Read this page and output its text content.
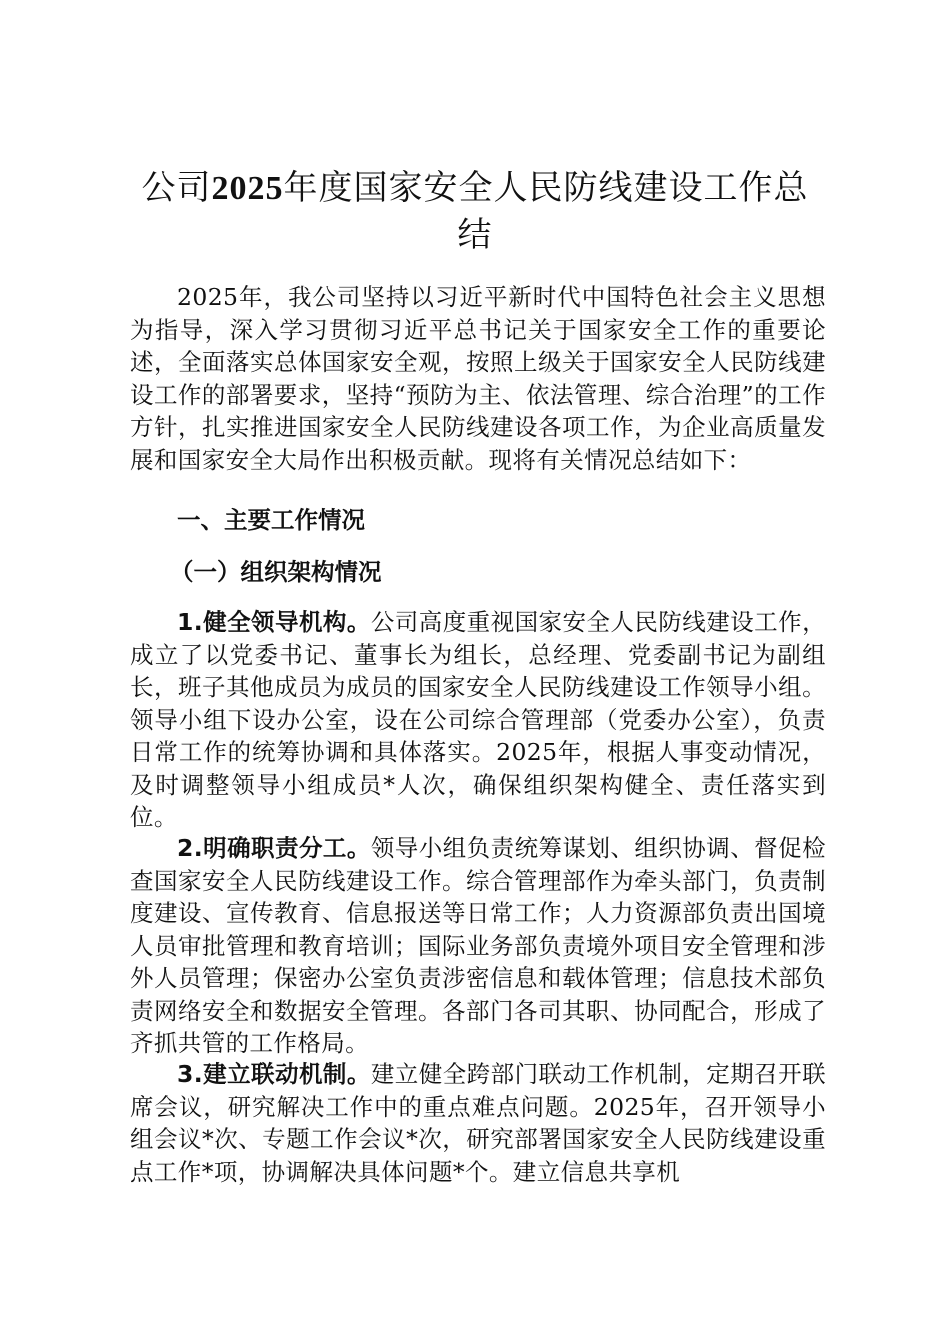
公司2025年度国家安全人民防线建设工作总结
2025年，我公司坚持以习近平新时代中国特色社会主义思想为指导，深入学习贯彻习近平总书记关于国家安全工作的重要论述，全面落实总体国家安全观，按照上级关于国家安全人民防线建设工作的部署要求，坚持“预防为主、依法管理、综合治理”的工作方针，扎实推进国家安全人民防线建设各项工作，为企业高质量发展和国家安全大局作出积极贡献。现将有关情况总结如下：
一、主要工作情况
（一）组织架构情况
1.健全领导机构。公司高度重视国家安全人民防线建设工作，成立了以党委书记、董事长为组长，总经理、党委副书记为副组长，班子其他成员为成员的国家安全人民防线建设工作领导小组。领导小组下设办公室，设在公司综合管理部（党委办公室），负责日常工作的统筹协调和具体落实。2025年，根据人事变动情况，及时调整领导小组成员*人次，确保组织架构健全、责任落实到位。
2.明确职责分工。领导小组负责统筹谋划、组织协调、督促检查国家安全人民防线建设工作。综合管理部作为牵头部门，负责制度建设、宣传教育、信息报送等日常工作；人力资源部负责出国境人员审批管理和教育培训；国际业务部负责境外项目安全管理和涉外人员管理；保密办公室负责涉密信息和载体管理；信息技术部负责网络安全和数据安全管理。各部门各司其职、协同配合，形成了齐抓共管的工作格局。
3.建立联动机制。建立健全跨部门联动工作机制，定期召开联席会议，研究解决工作中的重点难点问题。2025年，召开领导小组会议*次、专题工作会议*次，研究部署国家安全人民防线建设重点工作*项，协调解决具体问题*个。建立信息共享机
